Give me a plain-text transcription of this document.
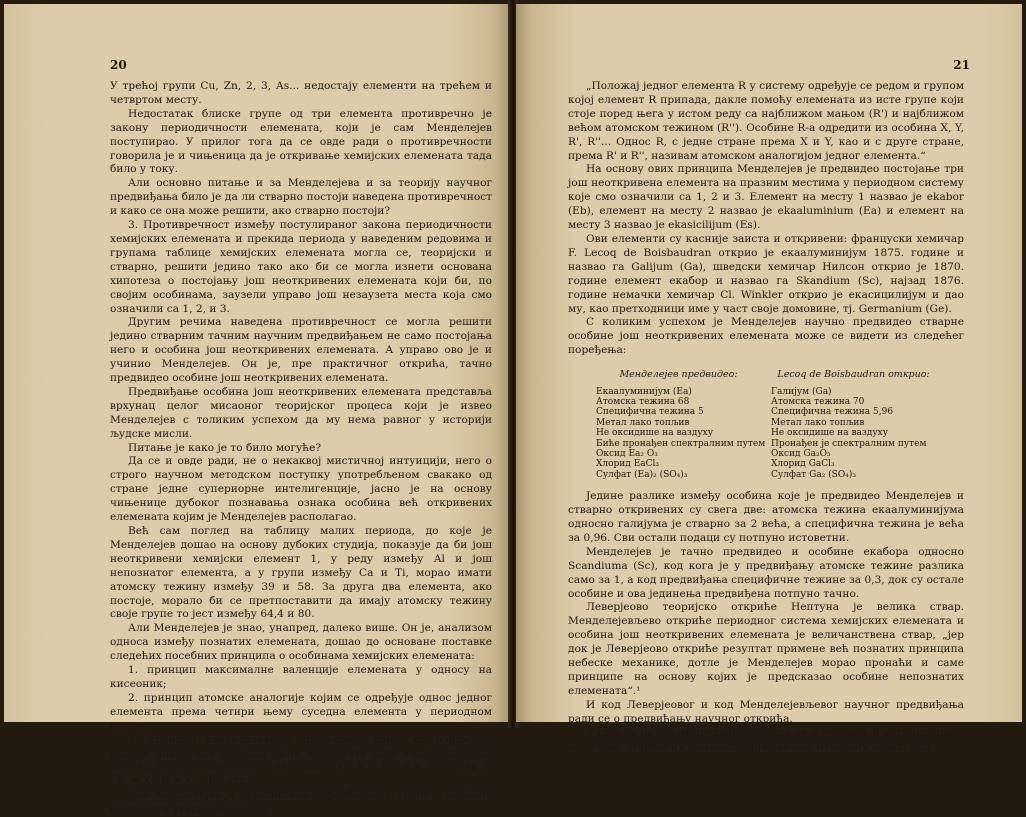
20

У трећој групи Cu, Zn, 2, 3, As... недостају елементи на трећем и четвртом месту.

Недостатак блиске групе од три елемента противречно је закону периодичности елемената, који је сам Менделејев поступирао. У прилог тога да се овде ради о противречности говорила је и чињеница да је откривање хемијских елемената тада било у току.

Али основно питање и за Менделејева и за теорију научног предвиђања било је да ли стварно постоји наведена противречност и како се она може решити, ако стварно постоји?

3. Противречност између постулираног закона периодичности хемијских елемената и прекида периода у наведеним редовима и групама таблице хемијских елемената могла се, теоријски и стварно, решити једино тако ако би се могла изнети основана хипотеза о постојању још неоткривених елемената који би, по својим особинама, заузели управо још незаузета места која смо означили са 1, 2, и 3.

Другим речима наведена противречност се могла решити једино стварним тачним научним предвиђањем не само постојања него и особина још неоткривених елемената. А управо ово је и учинио Менделејев. Он је, пре практичног открића, тачно предвидео особине још неоткривених елемената.

Предвиђање особина још неоткривених елемената представља врхунац целог мисаоног теоријског процеса који је извео Менделејев с толиким успехом да му нема равног у историји људске мисли.

Питање је како је то било могуће?

Да се и овде ради, не о некаквој мистичној интуицији, него о строго научном методском поступку употребљеном свакако од стране једне супериорне интелигенције, јасно је на основу чињенице дубоког познавања ознака особина већ откривених елемената којим је Менделејев располагао.

Већ сам поглед на таблицу малих периода, до које је Менделејев дошао на основу дубоких студија, показује да би још неоткривени хемијски елемент 1, у реду између Al и још непознатог елемента, а у групи између Ca и Ti, морао имати атомску тежину између 39 и 58. За друга два елемента, ако постоје, морало би се претпоставити да имају атомску тежину своје групе то јест између 64,4 и 80.

Али Менделејев је знао, унапред, далеко више. Он је, анализом односа између познатих елемената, дошао до основане поставке следећих посебних принципа о особинама хемијских елемената:

1. принцип максималне валенције елемената у односу на кисеоник;

2. принцип атомске аналогије којим се одређује однос једног елемента према четири њему суседна елемента у периодном систему;

3. принцип квалитативних пропорција којим су изражени односи аналогних особина оних елемената који имају аналогна места у периодном систему, например, X' : X = R' : R = Y' : Y или X' : R' = X : R = X'' : R'' итд.

Сам Менделејев је принципима одредбе реда, групе и особина елемената утврдио следеће:

21

„Положај једног елемента R у систему одређује се редом и групом којој елемент R припада, дакле помоћу елемената из исте групе који стоје поред њега у истом реду са најближом мањом (R') и најближом већом атомском тежином (R''). Особине R-а одредити из особина X, Y, R', R''... Однос R, с једне стране према X и Y, као и с друге стране, према R' и R'', називам атомском аналогијом једног елемента.“

На основу ових принципа Менделејев је предвидео постојање три још неоткривена елемента на празним местима у периодном систему које смо означили са 1, 2 и 3. Елемент на месту 1 назвао је ekabor (Eb), елемент на месту 2 назвао је ekaaluminium (Ea) и елемент на месту 3 назвао је ekasicilijum (Es).

Ови елементи су касније заиста и откривени: француски хемичар F. Lecoq de Boisbaudran открио је екаалуминијум 1875. године и назвао га Galijum (Ga), шведски хемичар Нилсон открио је 1870. године елемент екабор и назвао га Skandium (Sc), најзад 1876. године немачки хемичар Cl. Winkler открио је екасицилијум и дао му, као претходници име у част своје домовине, тј. Germanium (Ge).

С коликим успехом је Менделејев научно предвидео стварне особине још неоткривених елемената може се видети из следећег поређења:

Менделејев предвидео:
Екаалуминијум (Ea)
Атомска тежина 68
Специфична тежина 5
Метал лако топљив
Не оксидише на ваздуху
Биће пронађен спектралним путем
Оксид Ea₂ O₃
Хлорид EaCl₃
Сулфат (Ea)₂ (SO₄)₃
Lecoq de Boisbaudran открио:
Галијум (Ga)
Атомска тежина 70
Специфична тежина 5,96
Метал лако топљив
Не оксидише на ваздуху
Пронађен је спектралним путем
Оксид Ga₂O₃
Хлорид GaCl₃
Сулфат Ga₂ (SO₄)₃

Једине разлике између особина које је предвидео Менделејев и стварно откривених су свега две: атомска тежина екаалуминијума односно галијума је стварно за 2 већа, а специфична тежина је већа за 0,96. Сви остали подаци су потпуно истоветни.

Менделејев је тачно предвидео и особине екабора односно Scandiuma (Sc), код кога је у предвиђању атомске тежине разлика само за 1, а код предвиђања специфичне тежине за 0,3, док су остале особине и ова јединења предвиђена потпуно тачно.

Леверјеово теоријско откриће Нептуна је велика ствар. Менделејевљево откриће периодног система хемијских елемената и особина још неоткривених елемената је величанствена ствар, „јер док је Леверјеово откриће резултат примене већ познатих принципа небеске механике, дотле је Менделејев морао пронаћи и саме принципе на основу којих је предсказао особине непознатих елемената“.¹

И код Леверјеовог и код Менделејевљевог научног предвиђања ради се о предвиђању научног открића.

У сваком научном предвиђању ради се о теоријској антиципацији, на основу утврђених чињеница или закона, извесних нових, још
